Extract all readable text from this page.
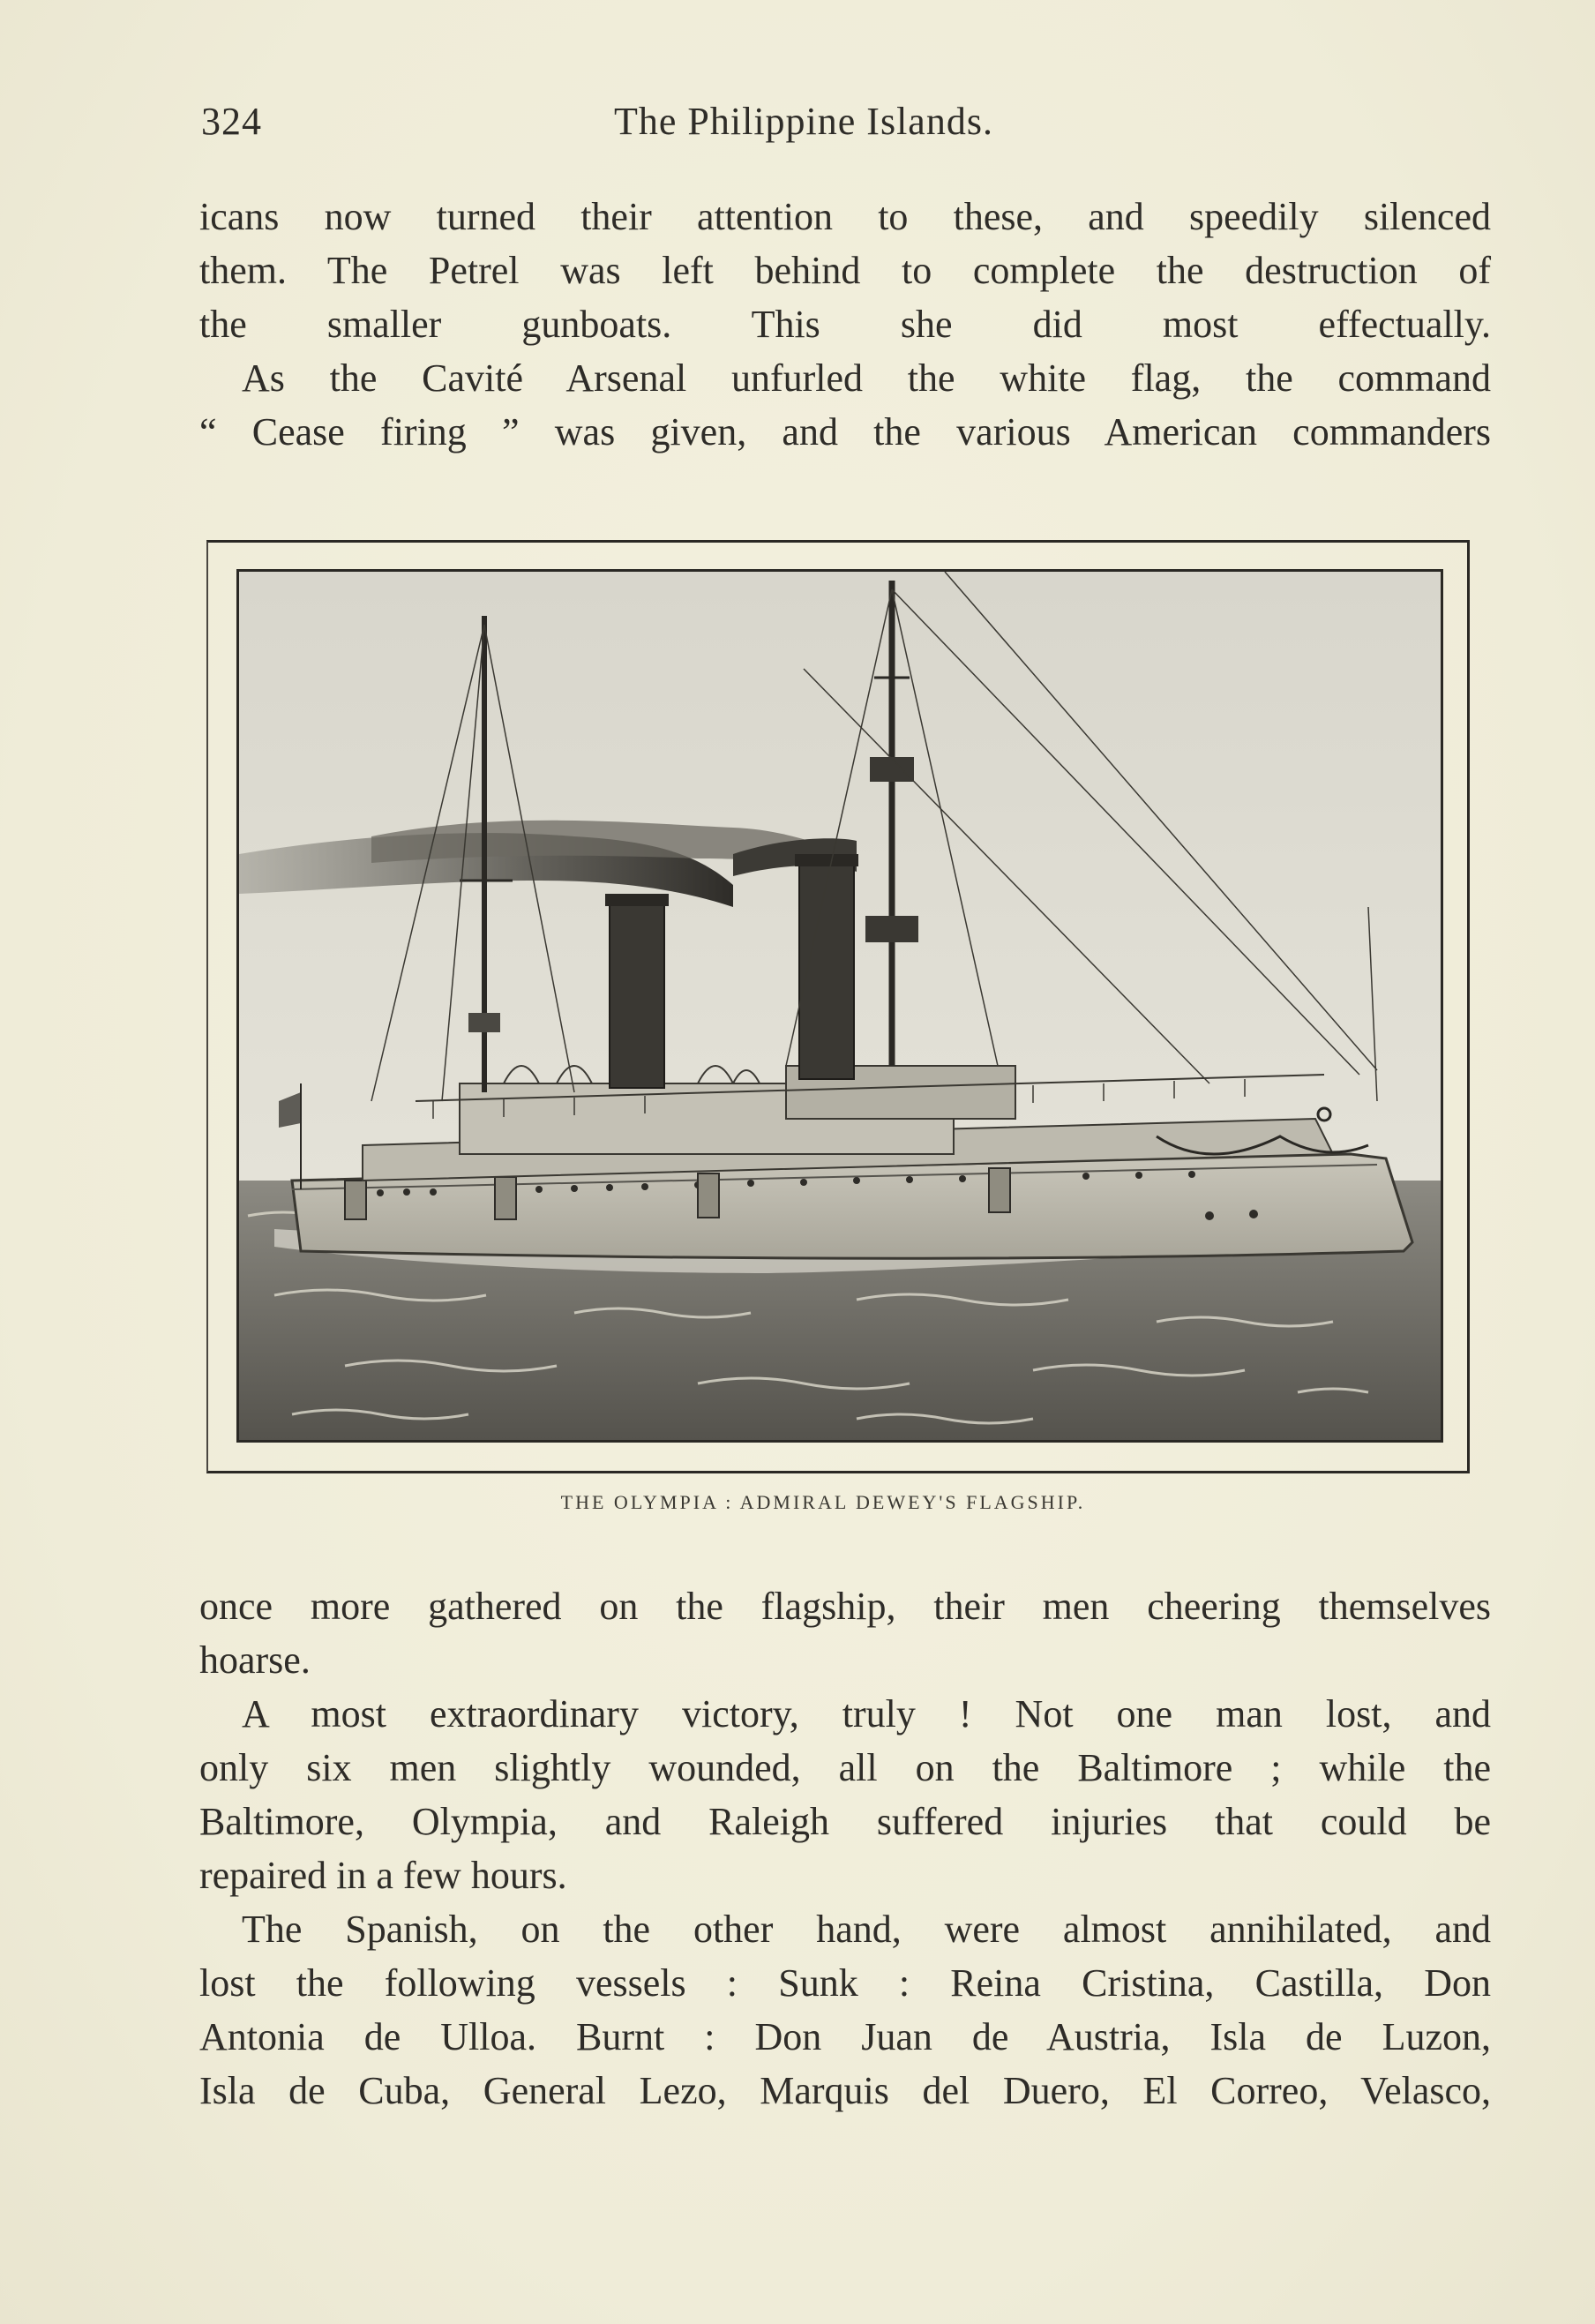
324	The Philippine Islands.

icans now turned their attention to these, and speedily silenced
them. The Petrel was left behind to complete the destruction of
the smaller gunboats. This she did most effectually.

As the Cavité Arsenal unfurled the white flag, the command
“ Cease firing ” was given, and the various American commanders

THE OLYMPIA : ADMIRAL DEWEY'S FLAGSHIP.

once more gathered on the flagship, their men cheering themselves
hoarse.

A most extraordinary victory, truly ! Not one man lost, and
only six men slightly wounded, all on the Baltimore ; while the
Baltimore, Olympia, and Raleigh suffered injuries that could be
repaired in a few hours.

The Spanish, on the other hand, were almost annihilated, and
lost the following vessels : Sunk : Reina Cristina, Castilla, Don
Antonia de Ulloa. Burnt : Don Juan de Austria, Isla de Luzon,
Isla de Cuba, General Lezo, Marquis del Duero, El Correo, Velasco,
